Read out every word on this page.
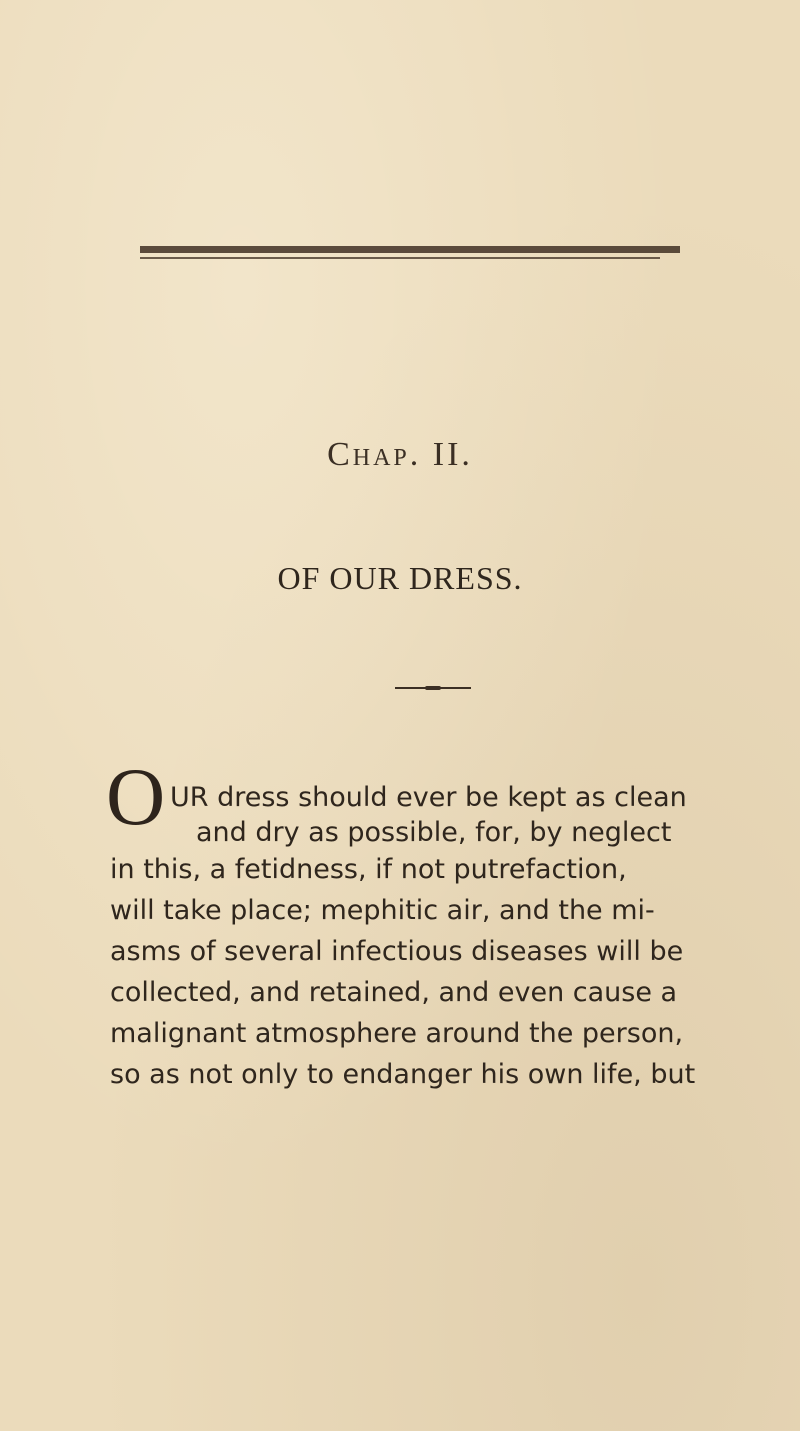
Chap. II.
OF OUR DRESS.
O UR dress should ever be kept as clean
and dry as possible, for, by neglect
in this, a fetidness, if not putrefaction,
will take place; mephitic air, and the mi-
asms of several infectious diseases will be
collected, and retained, and even cause a
malignant atmosphere around the person,
so as not only to endanger his own life, but
